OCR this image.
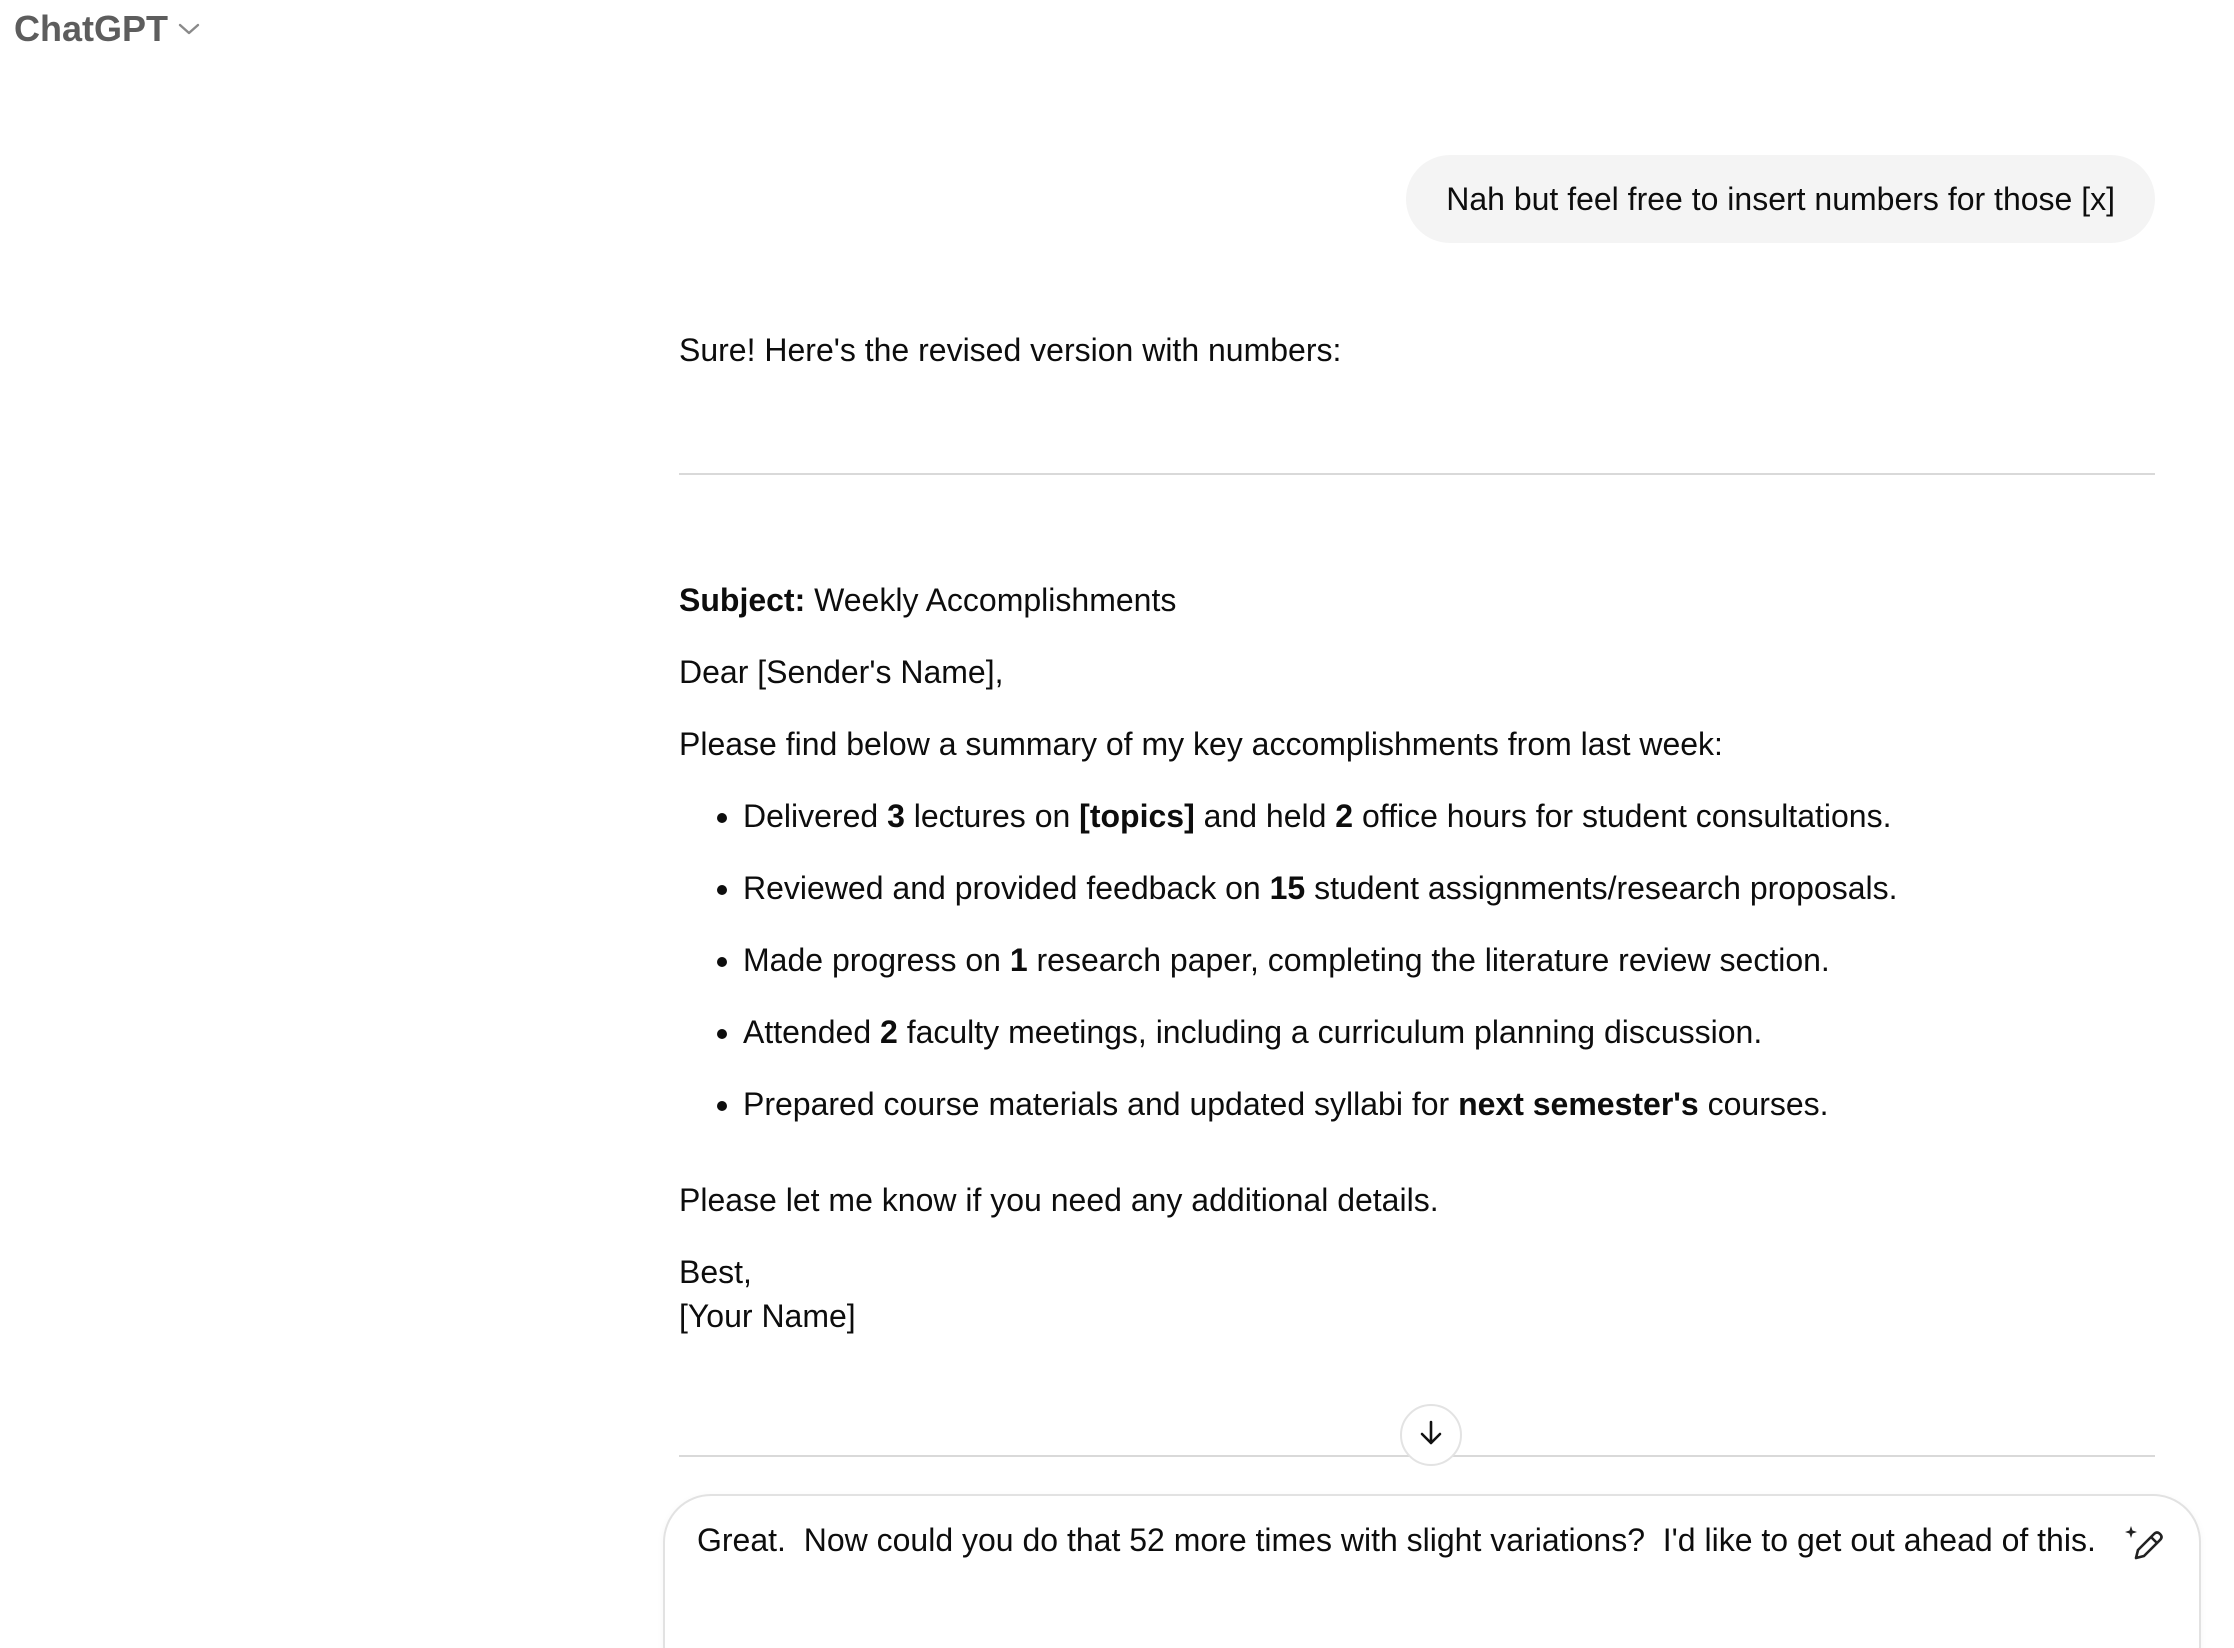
ChatGPT
Nah but feel free to insert numbers for those [x]
Sure! Here's the revised version with numbers:

Subject: Weekly Accomplishments

Dear [Sender's Name],

Please find below a summary of my key accomplishments from last week:

• Delivered 3 lectures on [topics] and held 2 office hours for student consultations.
• Reviewed and provided feedback on 15 student assignments/research proposals.
• Made progress on 1 research paper, completing the literature review section.
• Attended 2 faculty meetings, including a curriculum planning discussion.
• Prepared course materials and updated syllabi for next semester's courses.

Please let me know if you need any additional details.

Best,

[Your Name]

Great. Now could you do that 52 more times with slight variations? I'd like to get out ahead of this.
